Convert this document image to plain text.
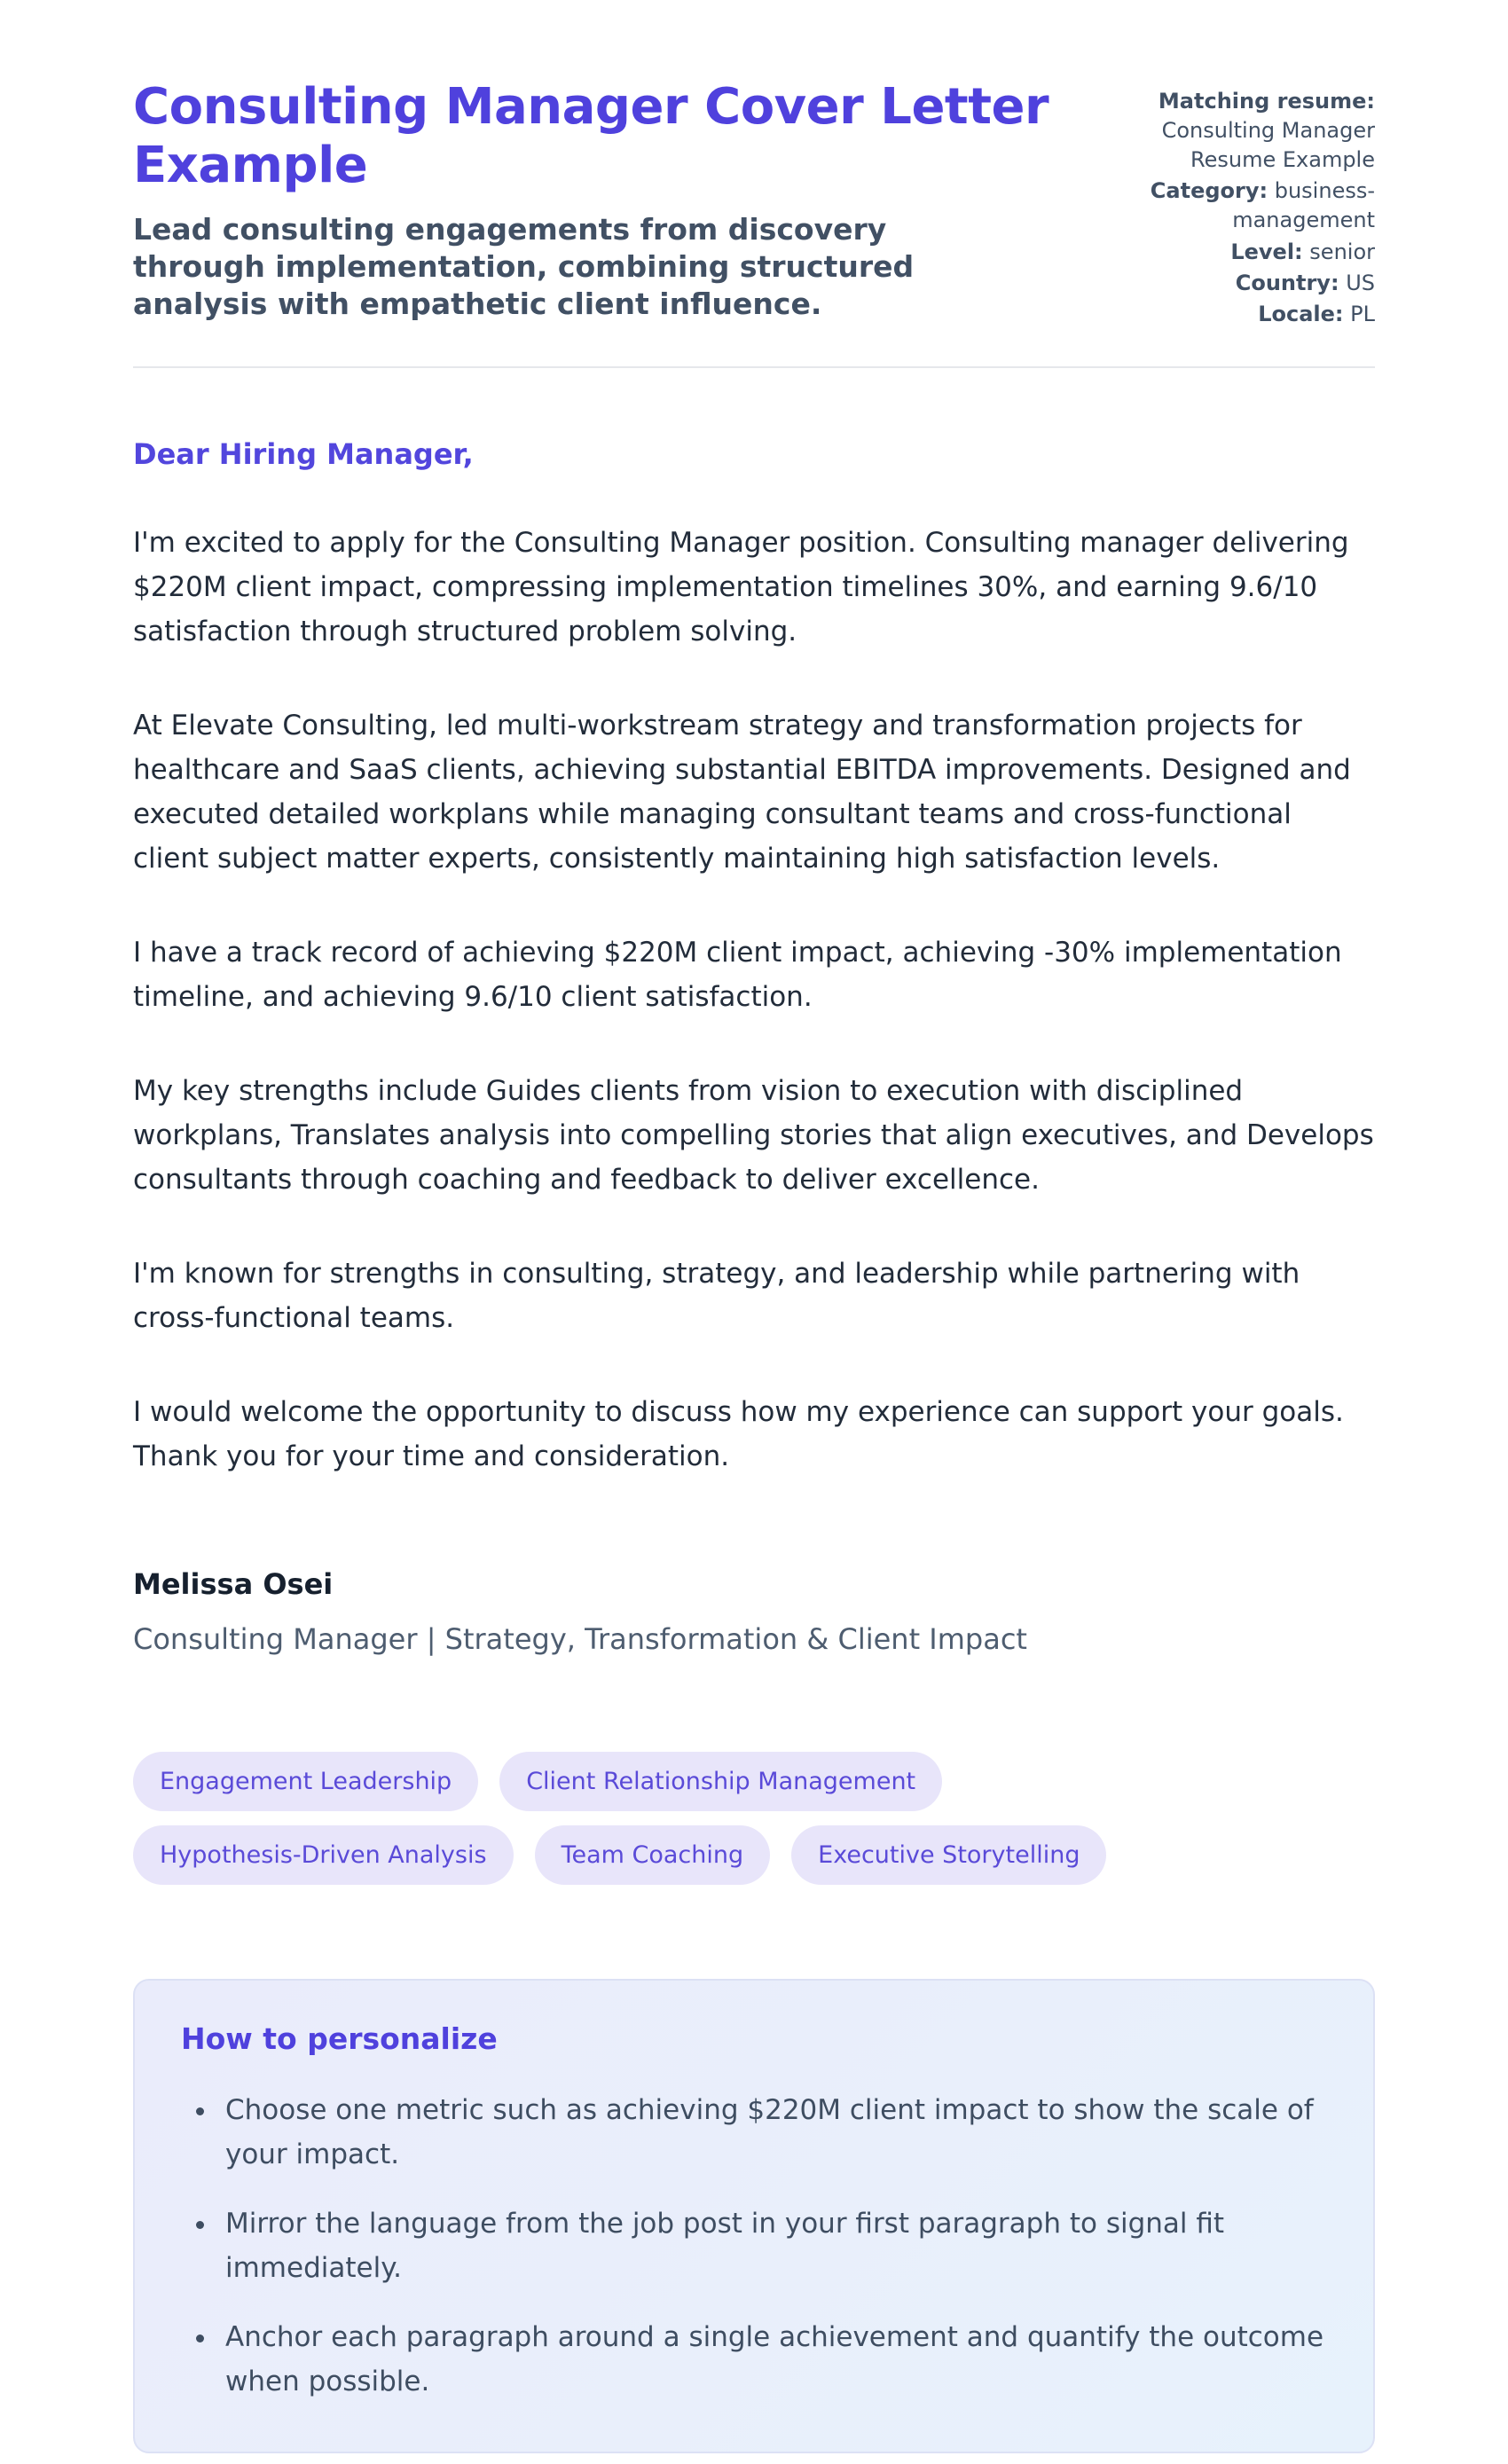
Consulting Manager Cover Letter Example

Lead consulting engagements from discovery through implementation, combining structured analysis with empathetic client influence.

Matching resume: Consulting Manager Resume Example
Category: business-management
Level: senior
Country: US
Locale: PL

Dear Hiring Manager,

I'm excited to apply for the Consulting Manager position. Consulting manager delivering $220M client impact, compressing implementation timelines 30%, and earning 9.6/10 satisfaction through structured problem solving.

At Elevate Consulting, led multi-workstream strategy and transformation projects for healthcare and SaaS clients, achieving substantial EBITDA improvements. Designed and executed detailed workplans while managing consultant teams and cross-functional client subject matter experts, consistently maintaining high satisfaction levels.

I have a track record of achieving $220M client impact, achieving -30% implementation timeline, and achieving 9.6/10 client satisfaction.

My key strengths include Guides clients from vision to execution with disciplined workplans, Translates analysis into compelling stories that align executives, and Develops consultants through coaching and feedback to deliver excellence.

I'm known for strengths in consulting, strategy, and leadership while partnering with cross-functional teams.

I would welcome the opportunity to discuss how my experience can support your goals. Thank you for your time and consideration.

Melissa Osei

Consulting Manager | Strategy, Transformation & Client Impact

Engagement Leadership	Client Relationship Management
Hypothesis-Driven Analysis	Team Coaching	Executive Storytelling
How to personalize
• Choose one metric such as achieving $220M client impact to show the scale of your impact.
• Mirror the language from the job post in your first paragraph to signal fit immediately.
• Anchor each paragraph around a single achievement and quantify the outcome when possible.
